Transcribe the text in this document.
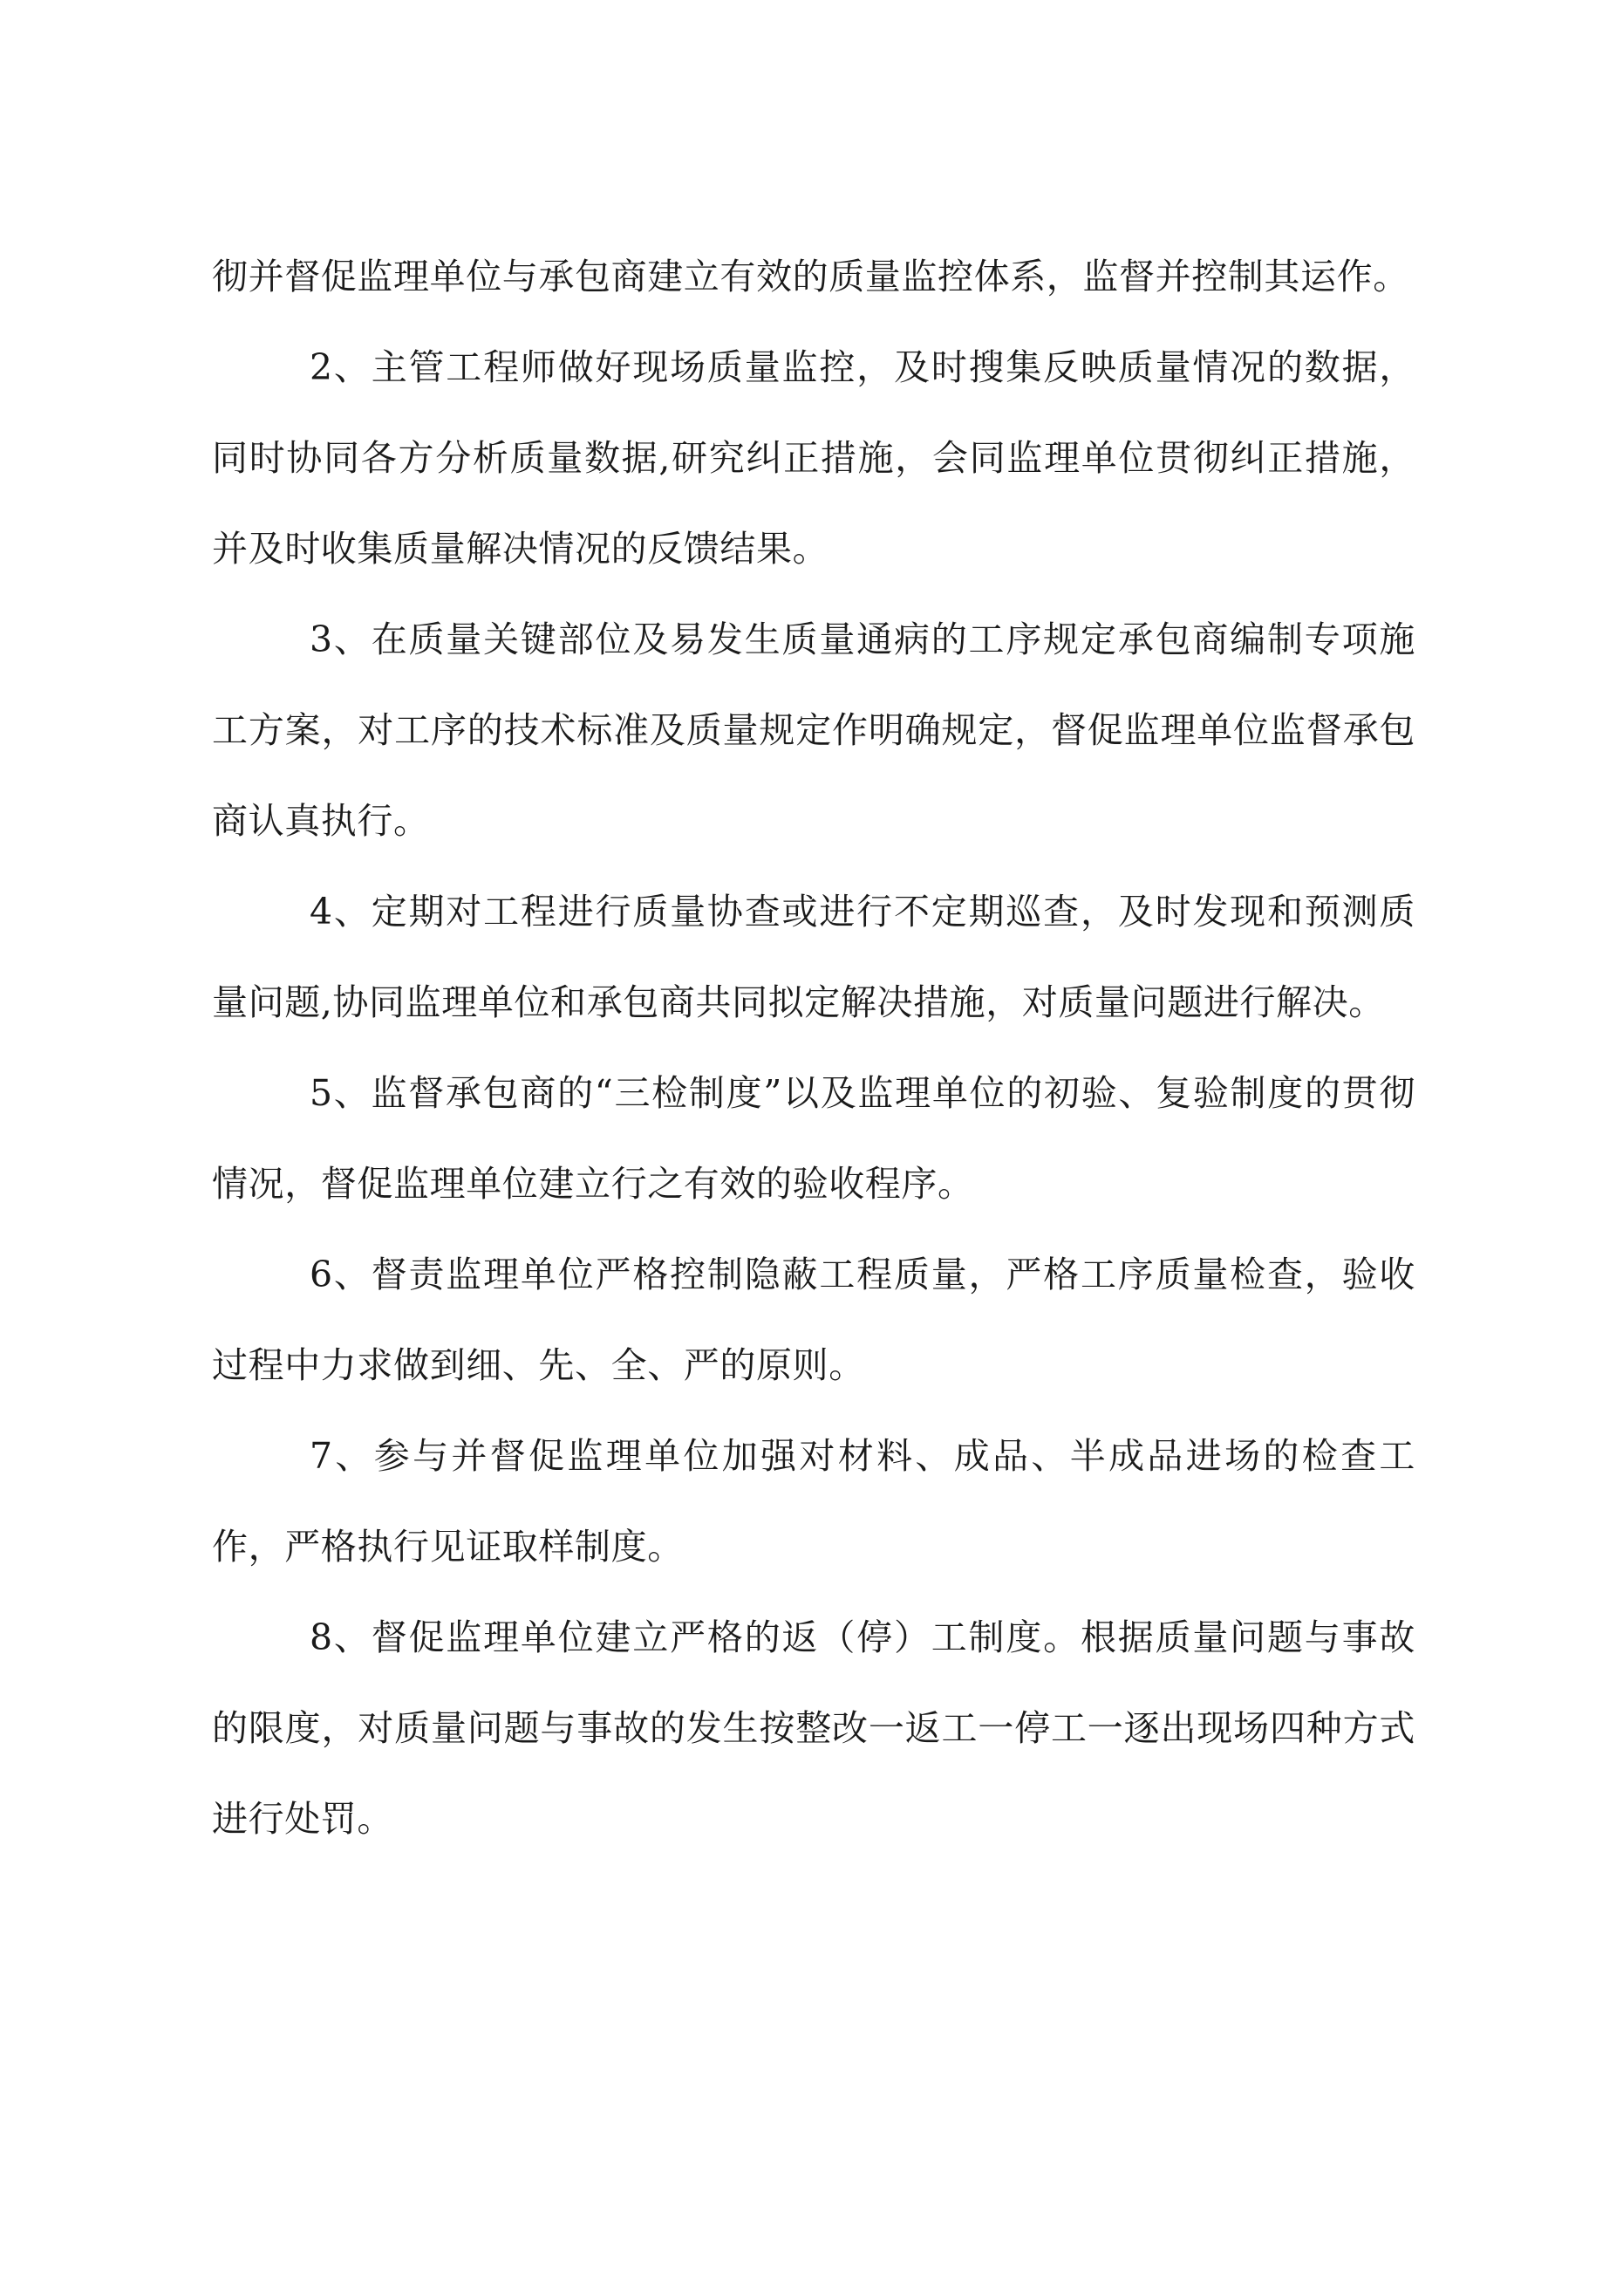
彻并督促监理单位与承包商建立有效的质量监控体系，监督并控制其运作。

2、主管工程师做好现场质量监控，及时搜集反映质量情况的数据，同时协同各方分析质量数据,研究纠正措施，会同监理单位贯彻纠正措施，并及时收集质量解决情况的反馈结果。

3、在质量关键部位及易发生质量通病的工序规定承包商编制专项施工方案，对工序的技术标准及质量规定作明确规定，督促监理单位监督承包商认真执行。

4、定期对工程进行质量协查或进行不定期巡查，及时发现和预测质量问题,协同监理单位和承包商共同拟定解决措施，对质量问题进行解决。

5、监督承包商的“三检制度”以及监理单位的初验、复验制度的贯彻情况，督促监理单位建立行之有效的验收程序。

6、督责监理单位严格控制隐蔽工程质量，严格工序质量检查，验收过程中力求做到细、先、全、严的原则。

7、参与并督促监理单位加强对材料、成品、半成品进场的检查工作，严格执行见证取样制度。

8、督促监理单位建立严格的返（停）工制度。根据质量问题与事故的限度，对质量问题与事故的发生按整改一返工一停工一逐出现场四种方式进行处罚。
